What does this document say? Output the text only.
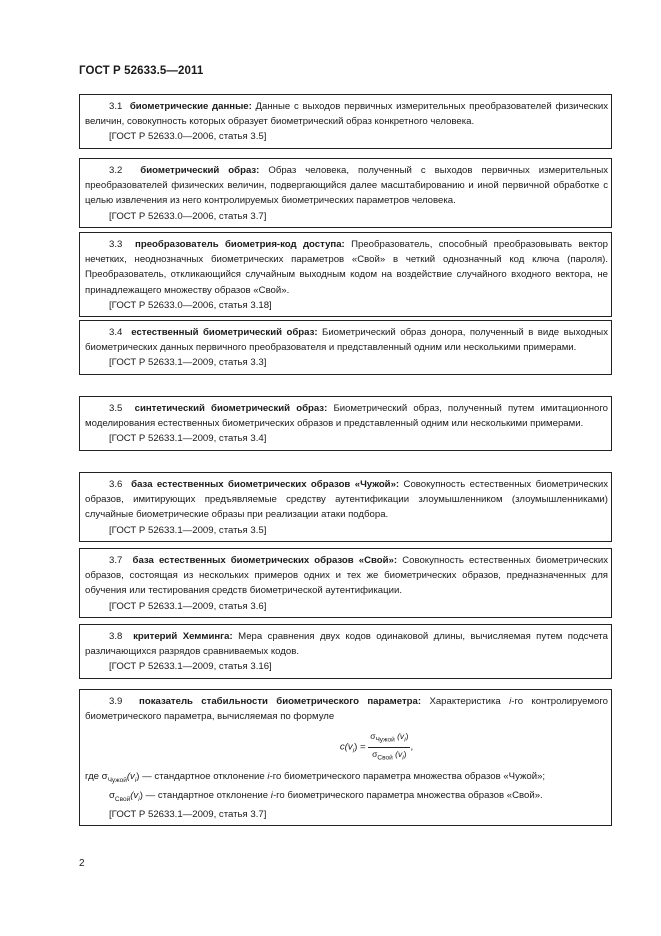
ГОСТ Р 52633.5—2011

3.1 биометрические данные: Данные с выходов первичных измерительных преобразователей физических величин, совокупность которых образует биометрический образ конкретного человека.

[ГОСТ Р 52633.0—2006, статья 3.5]

3.2 биометрический образ: Образ человека, полученный с выходов первичных измерительных преобразователей физических величин, подвергающийся далее масштабированию и иной первичной обработке с целью извлечения из него контролируемых биометрических параметров человека.

[ГОСТ Р 52633.0—2006, статья 3.7]

3.3 преобразователь биометрия-код доступа: Преобразователь, способный преобразовывать вектор нечетких, неоднозначных биометрических параметров «Свой» в четкий однозначный код ключа (пароля). Преобразователь, откликающийся случайным выходным кодом на воздействие случайного входного вектора, не принадлежащего множеству образов «Свой».

[ГОСТ Р 52633.0—2006, статья 3.18]

3.4 естественный биометрический образ: Биометрический образ донора, полученный в виде выходных биометрических данных первичного преобразователя и представленный одним или несколькими примерами.

[ГОСТ Р 52633.1—2009, статья 3.3]

3.5 синтетический биометрический образ: Биометрический образ, полученный путем имитационного моделирования естественных биометрических образов и представленный одним или несколькими примерами.

[ГОСТ Р 52633.1—2009, статья 3.4]

3.6 база естественных биометрических образов «Чужой»: Совокупность естественных биометрических образов, имитирующих предъявляемые средству аутентификации злоумышленником (злоумышленниками) случайные биометрические образы при реализации атаки подбора.

[ГОСТ Р 52633.1—2009, статья 3.5]

3.7 база естественных биометрических образов «Свой»: Совокупность естественных биометрических образов, состоящая из нескольких примеров одних и тех же биометрических образов, предназначенных для обучения или тестирования средств биометрической аутентификации.

[ГОСТ Р 52633.1—2009, статья 3.6]

3.8 критерий Хемминга: Мера сравнения двух кодов одинаковой длины, вычисляемая путем подсчета различающихся разрядов сравниваемых кодов.

[ГОСТ Р 52633.1—2009, статья 3.16]

3.9 показатель стабильности биометрического параметра: Характеристика i-го контролируемого биометрического параметра, вычисляемая по формуле

$c(v_i) = \frac{\sigma_{Чужой} (v_i)}{\sigma_{Свой} (v_i)}$ ,
где $\sigma_{Чужой}(v_i)$ — стандартное отклонение i-го биометрического параметра множества образов «Чужой»;
$\sigma_{Свой}(v_i)$ — стандартное отклонение i-го биометрического параметра множества образов «Свой».

[ГОСТ Р 52633.1—2009, статья 3.7]

2
